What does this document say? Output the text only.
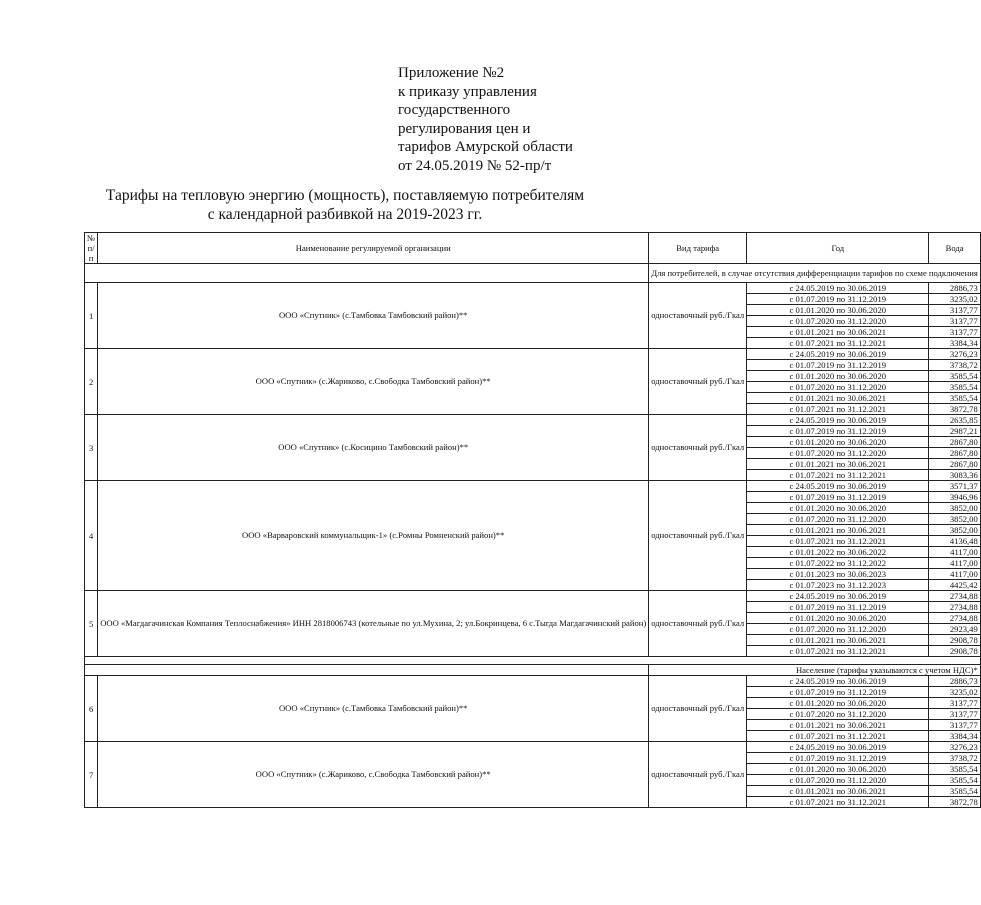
Приложение №2
к приказу управления
государственного
регулирования цен и
тарифов Амурской области
от 24.05.2019 № 52-пр/т
Тарифы на тепловую энергию (мощность), поставляемую потребителям
с календарной разбивкой на 2019-2023 гг.
№ п/п	Наименование регулируемой организации	Вид тарифа	Год	Вода
		Для потребителей, в случае отсутствия дифференциации тарифов по схеме подключения		
1	ООО «Спутник» (с.Тамбовка Тамбовский район)**	одноставочный руб./Гкал	с 24.05.2019 по 30.06.2019	2886,73
			с 01.07.2019 по 31.12.2019	3235,02
			с 01.01.2020 по 30.06.2020	3137,77
			с 01.07.2020 по 31.12.2020	3137,77
			с 01.01.2021 по 30.06.2021	3137,77
			с 01.07.2021 по 31.12.2021	3384,34
2	ООО «Спутник» (с.Жариково, с.Свободка Тамбовский район)**	одноставочный руб./Гкал	с 24.05.2019 по 30.06.2019	3276,23
			с 01.07.2019 по 31.12.2019	3738,72
			с 01.01.2020 по 30.06.2020	3585,54
			с 01.07.2020 по 31.12.2020	3585,54
			с 01.01.2021 по 30.06.2021	3585,54
			с 01.07.2021 по 31.12.2021	3872,78
3	ООО «Спутник» (с.Косицино Тамбовский район)**	одноставочный руб./Гкал	с 24.05.2019 по 30.06.2019	2635,85
			с 01.07.2019 по 31.12.2019	2987,21
			с 01.01.2020 по 30.06.2020	2867,80
			с 01.07.2020 по 31.12.2020	2867,80
			с 01.01.2021 по 30.06.2021	2867,80
			с 01.07.2021 по 31.12.2021	3083,36
4	ООО «Варваровский коммунальщик-1» (с.Ромны Ромненский район)**	одноставочный руб./Гкал	с 24.05.2019 по 30.06.2019	3571,37
			с 01.07.2019 по 31.12.2019	3946,96
			с 01.01.2020 по 30.06.2020	3852,00
			с 01.07.2020 по 31.12.2020	3852,00
			с 01.01.2021 по 30.06.2021	3852,00
			с 01.07.2021 по 31.12.2021	4136,48
			с 01.01.2022 по 30.06.2022	4117,00
			с 01.07.2022 по 31.12.2022	4117,00
			с 01.01.2023 по 30.06.2023	4117,00
			с 01.07.2023 по 31.12.2023	4425,42
5	ООО «Магдагачинская Компания Теплоснабжения» ИНН 2818006743 (котельные по ул.Мухина, 2; ул.Бокринцева, 6 с.Тыгда Магдагачинский район)	одноставочный руб./Гкал	с 24.05.2019 по 30.06.2019	2734,88
			с 01.07.2019 по 31.12.2019	2734,88
			с 01.01.2020 по 30.06.2020	2734,88
			с 01.07.2020 по 31.12.2020	2923,49
			с 01.01.2021 по 30.06.2021	2908,78
			с 01.07.2021 по 31.12.2021	2908,78

		Население (тарифы указываются с учетом НДС)*		
6	ООО «Спутник» (с.Тамбовка Тамбовский район)**	одноставочный руб./Гкал	с 24.05.2019 по 30.06.2019	2886,73
			с 01.07.2019 по 31.12.2019	3235,02
			с 01.01.2020 по 30.06.2020	3137,77
			с 01.07.2020 по 31.12.2020	3137,77
			с 01.01.2021 по 30.06.2021	3137,77
			с 01.07.2021 по 31.12.2021	3384,34
7	ООО «Спутник» (с.Жариково, с.Свободка Тамбовский район)**	одноставочный руб./Гкал	с 24.05.2019 по 30.06.2019	3276,23
			с 01.07.2019 по 31.12.2019	3738,72
			с 01.01.2020 по 30.06.2020	3585,54
			с 01.07.2020 по 31.12.2020	3585,54
			с 01.01.2021 по 30.06.2021	3585,54
			с 01.07.2021 по 31.12.2021	3872,78
